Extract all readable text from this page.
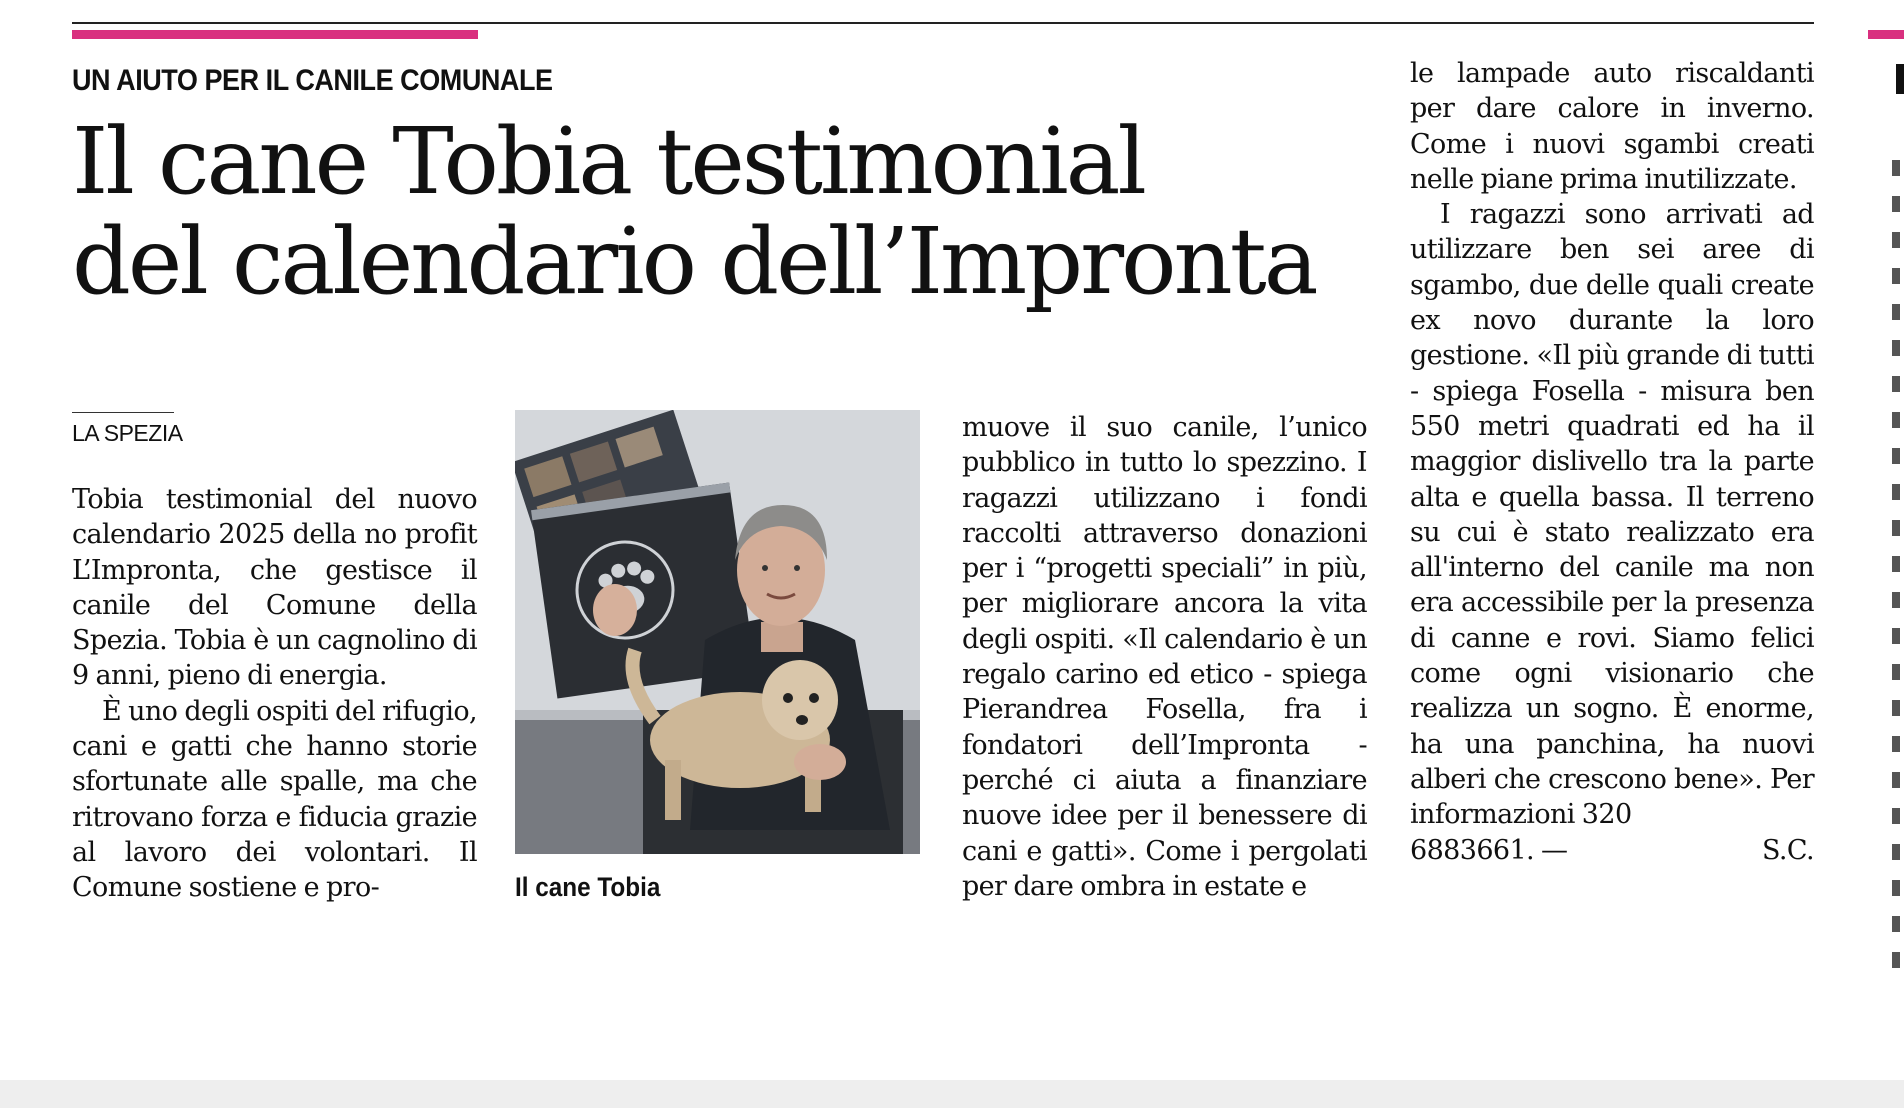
UN AIUTO PER IL CANILE COMUNALE
Il cane Tobia testimonial
del calendario dell’Impronta
LA SPEZIA

Tobia testimonial del nuovo calendario 2025 della no profit L’Impronta, che gestisce il canile del Comune della Spezia. Tobia è un cagnolino di 9 anni, pieno di energia.

È uno degli ospiti del rifugio, cani e gatti che hanno storie sfortunate alle spalle, ma che ritrovano forza e fiducia grazie al lavoro dei volontari. Il Comune sostiene e pro-	Il cane Tobia

muove il suo canile, l’unico pubblico in tutto lo spezzino. I ragazzi utilizzano i fondi raccolti attraverso donazioni per i “progetti speciali” in più, per migliorare ancora la vita degli ospiti. «Il calendario è un regalo carino ed etico - spiega Pierandrea Fosella, fra i fondatori dell’Impronta - perché ci aiuta a finanziare nuove idee per il benessere di cani e gatti». Come i pergolati per dare ombra in estate e

le lampade auto riscaldanti per dare calore in inverno. Come i nuovi sgambi creati nelle piane prima inutilizzate.

I ragazzi sono arrivati ad utilizzare ben sei aree di sgambo, due delle quali create ex novo durante la loro gestione. «Il più grande di tutti - spiega Fosella - misura ben 550 metri quadrati ed ha il maggior dislivello tra la parte alta e quella bassa. Il terreno su cui è stato realizzato era all'interno del canile ma non era accessibile per la presenza di canne e rovi. Siamo felici come ogni visionario che realizza un sogno. È enorme, ha una panchina, ha nuovi alberi che crescono bene». Per informazioni 320

6883661. —	S.C.
